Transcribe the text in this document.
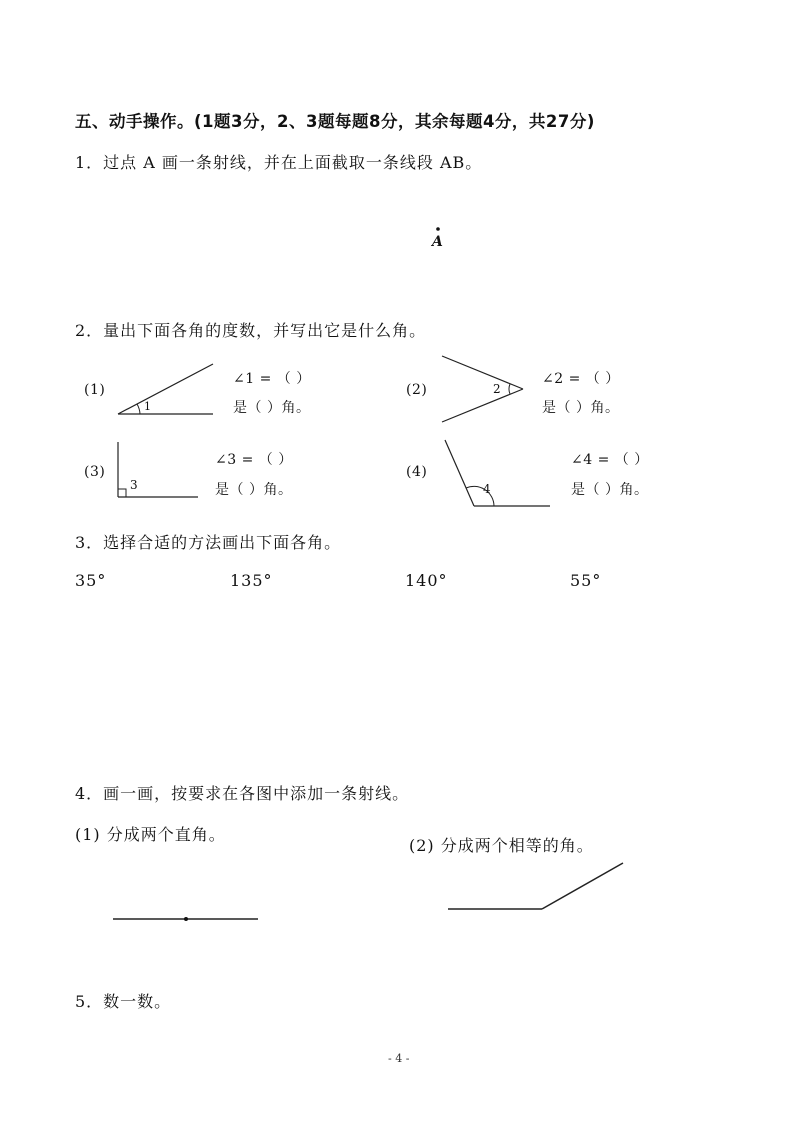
五、动手操作。(1题3分，2、3题每题8分，其余每题4分，共27分)
1．过点 A 画一条射线，并在上面截取一条线段 AB。
A
2．量出下面各角的度数，并写出它是什么角。
(1)
1
∠1 = （ ）
是（ ）角。
(2)	2
∠2 = （ ）
是（ ）角。
(3)
3
∠3 = （ ）
是（ ）角。
(4)
4
∠4 = （ ）
是（ ）角。
3．选择合适的方法画出下面各角。
35°	135°	140°	55°
4．画一画，按要求在各图中添加一条射线。
(1) 分成两个直角。
(2) 分成两个相等的角。
5．数一数。
- 4 -
